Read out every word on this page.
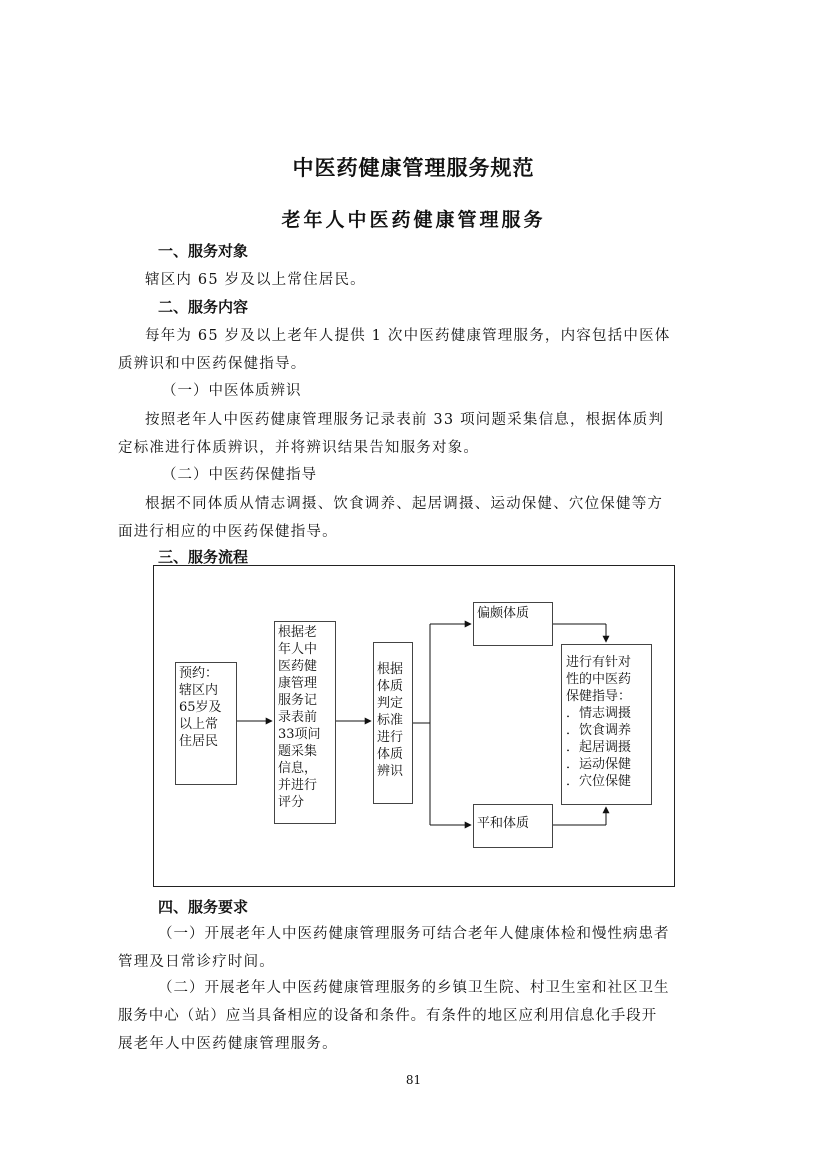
中医药健康管理服务规范
老年人中医药健康管理服务
一、服务对象
辖区内 65 岁及以上常住居民。
二、服务内容
每年为 65 岁及以上老年人提供 1 次中医药健康管理服务，内容包括中医体
质辨识和中医药保健指导。
（一）中医体质辨识
按照老年人中医药健康管理服务记录表前 33 项问题采集信息，根据体质判
定标准进行体质辨识，并将辨识结果告知服务对象。
（二）中医药保健指导
根据不同体质从情志调摄、饮食调养、起居调摄、运动保健、穴位保健等方
面进行相应的中医药保健指导。
三、服务流程
预约：
辖区内
65岁及
以上常
住居民
根据老
年人中
医药健
康管理
服务记
录表前
33项问
题采集
信息，
并进行
评分
根据
体质
判定
标准
进行
体质
辨识
偏颇体质
平和体质
进行有针对
性的中医药
保健指导：
．情志调摄
．饮食调养
．起居调摄
．运动保健
．穴位保健
四、服务要求
（一）开展老年人中医药健康管理服务可结合老年人健康体检和慢性病患者
管理及日常诊疗时间。
（二）开展老年人中医药健康管理服务的乡镇卫生院、村卫生室和社区卫生
服务中心（站）应当具备相应的设备和条件。有条件的地区应利用信息化手段开
展老年人中医药健康管理服务。
81
